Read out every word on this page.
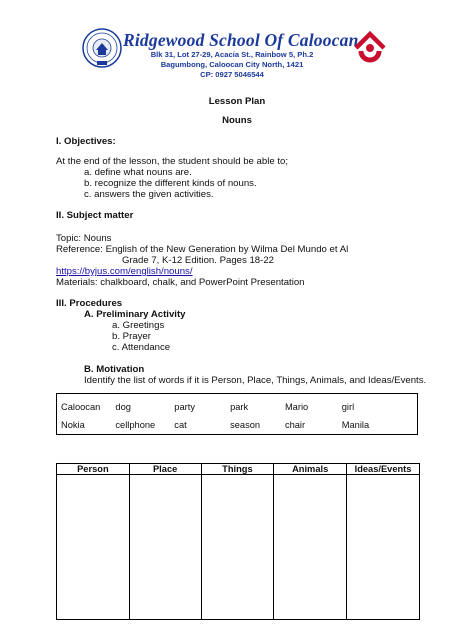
Ridgewood School Of Caloocan
Blk 31, Lot 27-29, Acacia St., Rainbow 5, Ph.2
Bagumbong, Caloocan City North, 1421
CP: 0927 5046544
Lesson Plan
Nouns
I. Objectives:
At the end of the lesson, the student should be able to;
a. define what nouns are.
b. recognize the different kinds of nouns.
c. answers the given activities.
II. Subject matter
Topic: Nouns
Reference: English of the New Generation by Wilma Del Mundo et Al
Grade 7, K-12 Edition. Pages 18-22
https://byjus.com/english/nouns/
Materials: chalkboard, chalk, and PowerPoint Presentation
III. Procedures
A. Preliminary Activity
a. Greetings
b. Prayer
c. Attendance
B. Motivation
Identify the list of words if it is Person, Place, Things, Animals, and Ideas/Events.
Caloocan	dog	party	park	Mario	girl
Nokia	cellphone	cat	season	chair	Manila
Person	Place	Things	Animals	Ideas/Events
